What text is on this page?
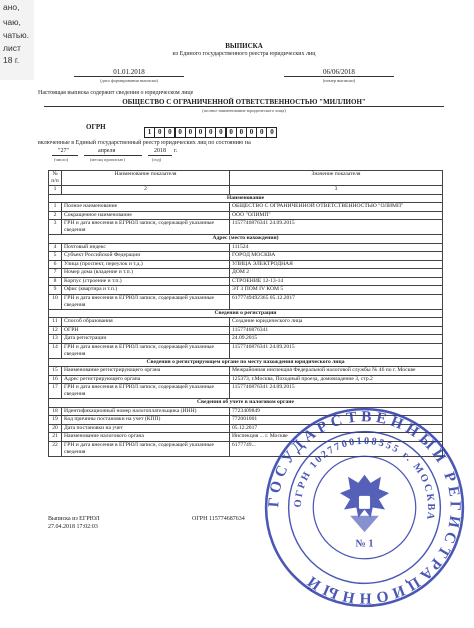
ано,
чаю,
чатью.
лист
18 г.
ВЫПИСКА
из Единого государственного реестра юридических лиц
01.01.2018
(дата формирования выписки)
06/06/2018
(номер выписки)
Настоящая выписка содержит сведения о юридическом лице
ОБЩЕСТВО С ОГРАНИЧЕННОЙ ОТВЕТСТВЕННОСТЬЮ "МИЛЛИОН"
(полное наименование юридического лица)
ОГРН
1 0 0 0 0 0 0 0 0 0 0 0 0
включенные в Единый государственный реестр юридических лиц по состоянию на
"27"	апреля	2018 г.
(число)	(месяц прописью)	(год)
№ п/п	Наименование показателя	Значение показателя
1	2	3
Наименование		
1	Полное наименование	ОБЩЕСТВО С ОГРАНИЧЕННОЙ ОТВЕТСТВЕННОСТЬЮ "ОЛИМП"
2	Сокращенное наименование	ООО "ОЛИМП"
3	ГРН и дата внесения в ЕГРЮЛ записи, содержащей указанные сведения	1157746876341 24.09.2015
Адрес (место нахождения)		
4	Почтовый индекс	111524
5	Субъект Российской Федерации	ГОРОД МОСКВА
6	Улица (проспект, переулок и т.д.)	УЛИЦА ЭЛЕКТРОДНАЯ
7	Номер дома (владение и т.п.)	ДОМ 2
8	Корпус (строение и т.п.)	СТРОЕНИЕ 12-13-14
9	Офис (квартира и т.п.)	ЭТ 3 ПОМ IV КОМ 5
10	ГРН и дата внесения в ЕГРЮЛ записи, содержащей указанные сведения	6177749492365 05.12.2017
Сведения о регистрации		
11	Способ образования	Создание юридического лица
12	ОГРН	1157746876341
13	Дата регистрации	24.09.2015
14	ГРН и дата внесения в ЕГРЮЛ записи, содержащей указанные сведения	1157746876341 24.09.2015
Сведения о регистрирующем органе по месту нахождения юридического лица		
15	Наименование регистрирующего органа	Межрайонная инспекция Федеральной налоговой службы № 46 по г. Москве
16	Адрес регистрирующего органа	125373, г.Москва, Походный проезд, домовладение 3, стр.2
17	ГРН и дата внесения в ЕГРЮЛ записи, содержащей указанные сведения	1157746876341 24.09.2015
Сведения об учете в налоговом органе		
18	Идентификационный номер налогоплательщика (ИНН)	7723409849
19	Код причины постановки на учет (КПП)	772001001
20	Дата постановки на учет	05.12.2017
21	Наименование налогового органа	Инспекция ... г. Москве
22	ГРН и дата внесения в ЕГРЮЛ записи, содержащей указанные сведения	6177749...
Выписка из ЕГРЮЛ
27.04.2018 17:02:03
ОГРН 115774687634
ГОСУДАРСТВЕННЫЙ РЕГИСТРАЦИОННЫЙ
ОГРН 1027700108555 г. МОСКВА
№ 1
